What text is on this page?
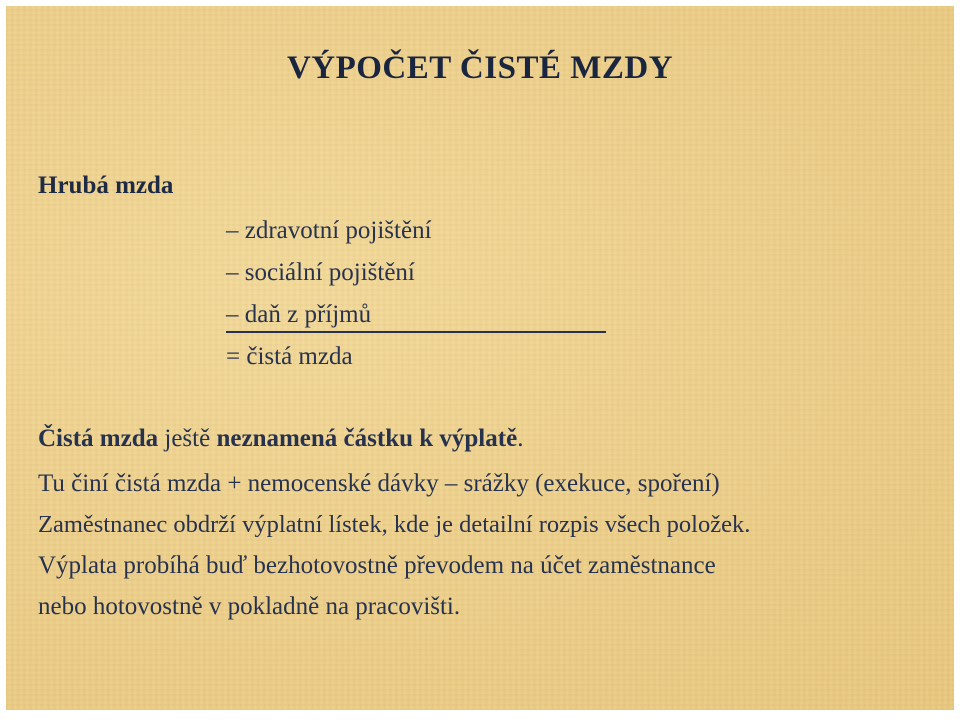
VÝPOČET ČISTÉ MZDY
Hrubá mzda
– zdravotní pojištění
– sociální pojištění
– daň z příjmů
= čistá mzda
Čistá mzda ještě neznamená částku k výplatě.
Tu činí čistá mzda + nemocenské dávky – srážky (exekuce, spoření)
Zaměstnanec obdrží výplatní lístek, kde je detailní rozpis všech položek.
Výplata probíhá buď bezhotovostně převodem na účet zaměstnance
nebo hotovostně v pokladně na pracovišti.
